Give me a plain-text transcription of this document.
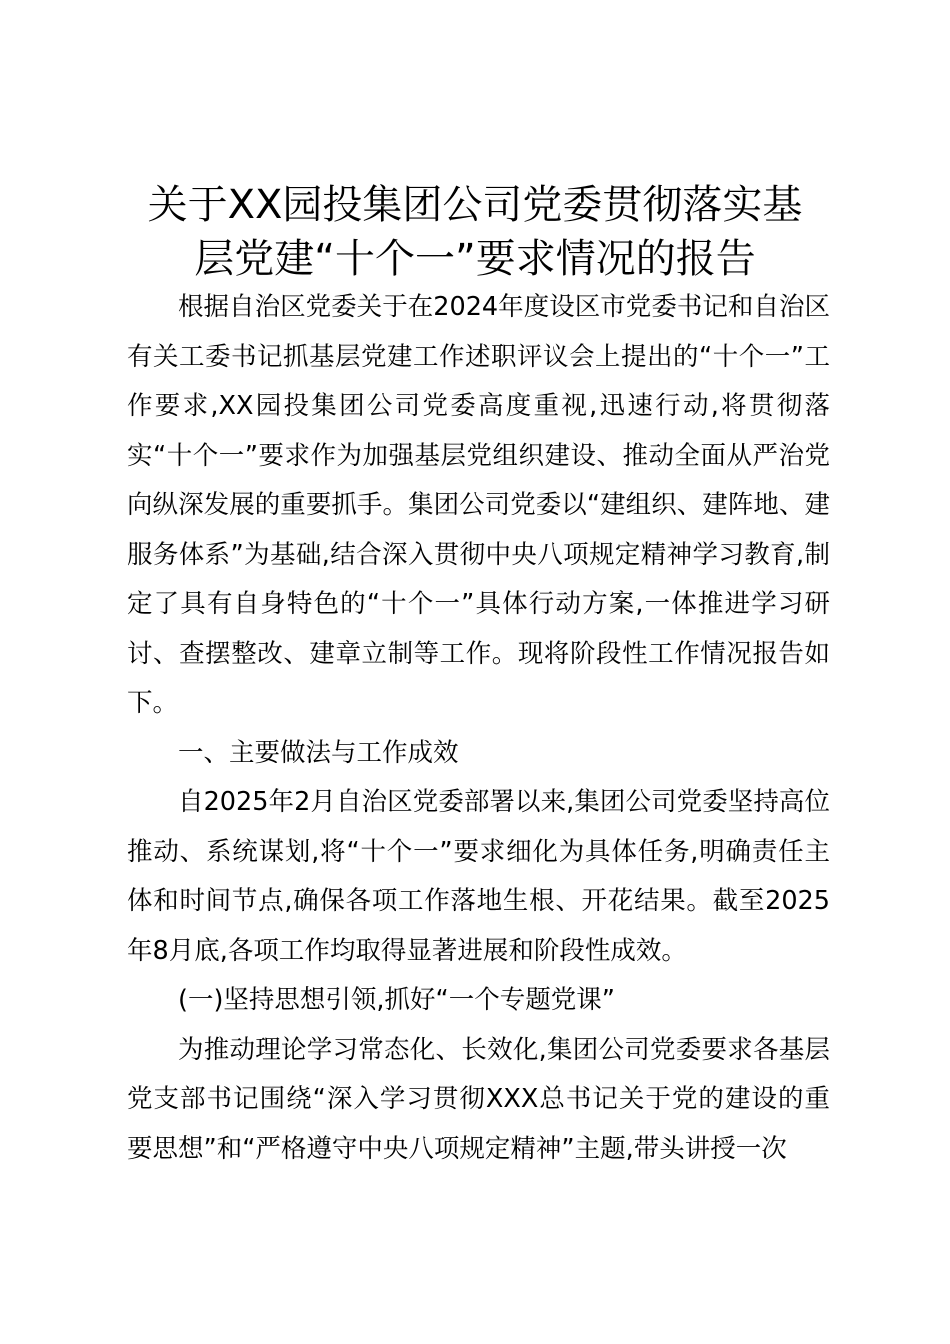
关于XX园投集团公司党委贯彻落实基
层党建“十个一”要求情况的报告

根据自治区党委关于在2024年度设区市党委书记和自治区有关工委书记抓基层党建工作述职评议会上提出的“十个一”工作要求,XX园投集团公司党委高度重视,迅速行动,将贯彻落实“十个一”要求作为加强基层党组织建设、推动全面从严治党向纵深发展的重要抓手。集团公司党委以“建组织、建阵地、建服务体系”为基础,结合深入贯彻中央八项规定精神学习教育,制定了具有自身特色的“十个一”具体行动方案,一体推进学习研讨、查摆整改、建章立制等工作。现将阶段性工作情况报告如下。

一、主要做法与工作成效

自2025年2月自治区党委部署以来,集团公司党委坚持高位推动、系统谋划,将“十个一”要求细化为具体任务,明确责任主体和时间节点,确保各项工作落地生根、开花结果。截至2025年8月底,各项工作均取得显著进展和阶段性成效。

(一)坚持思想引领,抓好“一个专题党课”

为推动理论学习常态化、长效化,集团公司党委要求各基层党支部书记围绕“深入学习贯彻XXX总书记关于党的建设的重要思想”和“严格遵守中央八项规定精神”主题,带头讲授一次
